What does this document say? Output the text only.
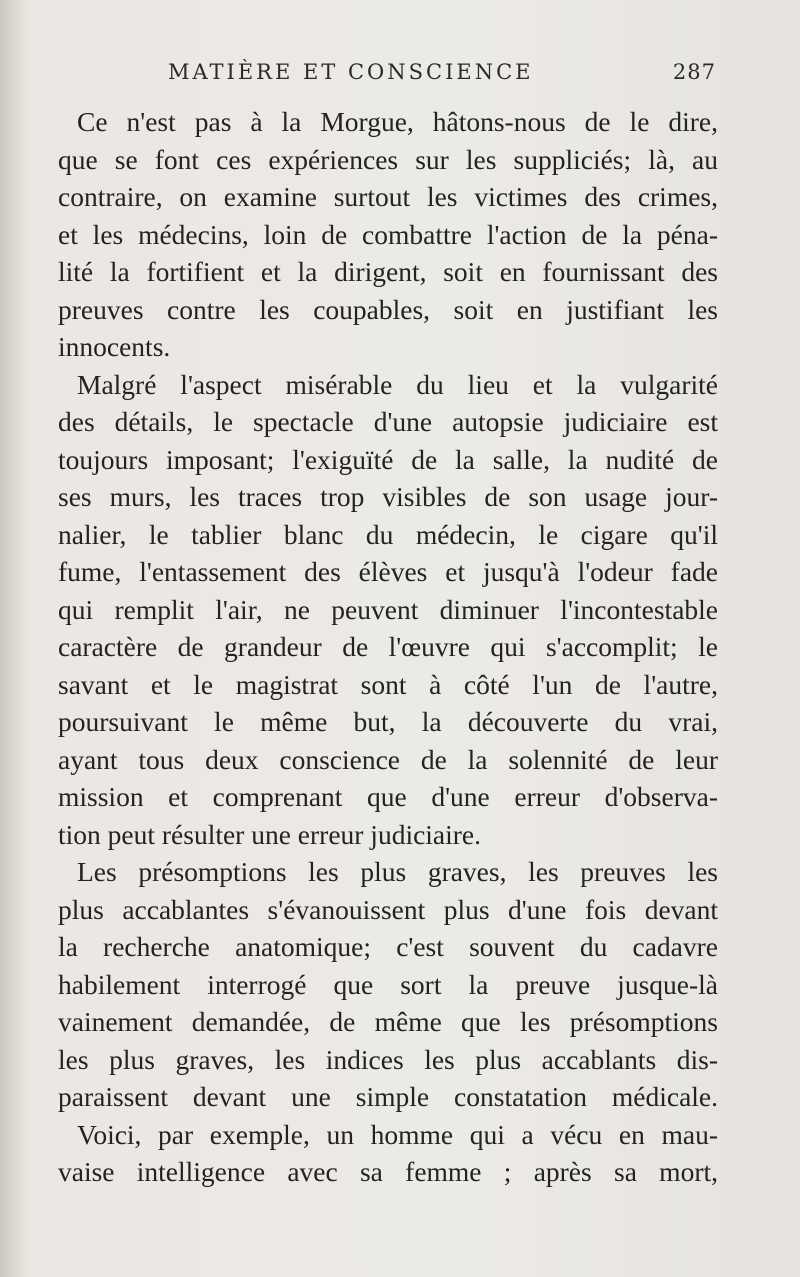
MATIÈRE ET CONSCIENCE	287
Ce n'est pas à la Morgue, hâtons-nous de le dire,
que se font ces expériences sur les suppliciés; là, au
contraire, on examine surtout les victimes des crimes,
et les médecins, loin de combattre l'action de la péna-
lité la fortifient et la dirigent, soit en fournissant des
preuves contre les coupables, soit en justifiant les
innocents.
Malgré l'aspect misérable du lieu et la vulgarité
des détails, le spectacle d'une autopsie judiciaire est
toujours imposant; l'exiguïté de la salle, la nudité de
ses murs, les traces trop visibles de son usage jour-
nalier, le tablier blanc du médecin, le cigare qu'il
fume, l'entassement des élèves et jusqu'à l'odeur fade
qui remplit l'air, ne peuvent diminuer l'incontestable
caractère de grandeur de l'œuvre qui s'accomplit; le
savant et le magistrat sont à côté l'un de l'autre,
poursuivant le même but, la découverte du vrai,
ayant tous deux conscience de la solennité de leur
mission et comprenant que d'une erreur d'observa-
tion peut résulter une erreur judiciaire.
Les présomptions les plus graves, les preuves les
plus accablantes s'évanouissent plus d'une fois devant
la recherche anatomique; c'est souvent du cadavre
habilement interrogé que sort la preuve jusque-là
vainement demandée, de même que les présomptions
les plus graves, les indices les plus accablants dis-
paraissent devant une simple constatation médicale.
Voici, par exemple, un homme qui a vécu en mau-
vaise intelligence avec sa femme ; après sa mort,
